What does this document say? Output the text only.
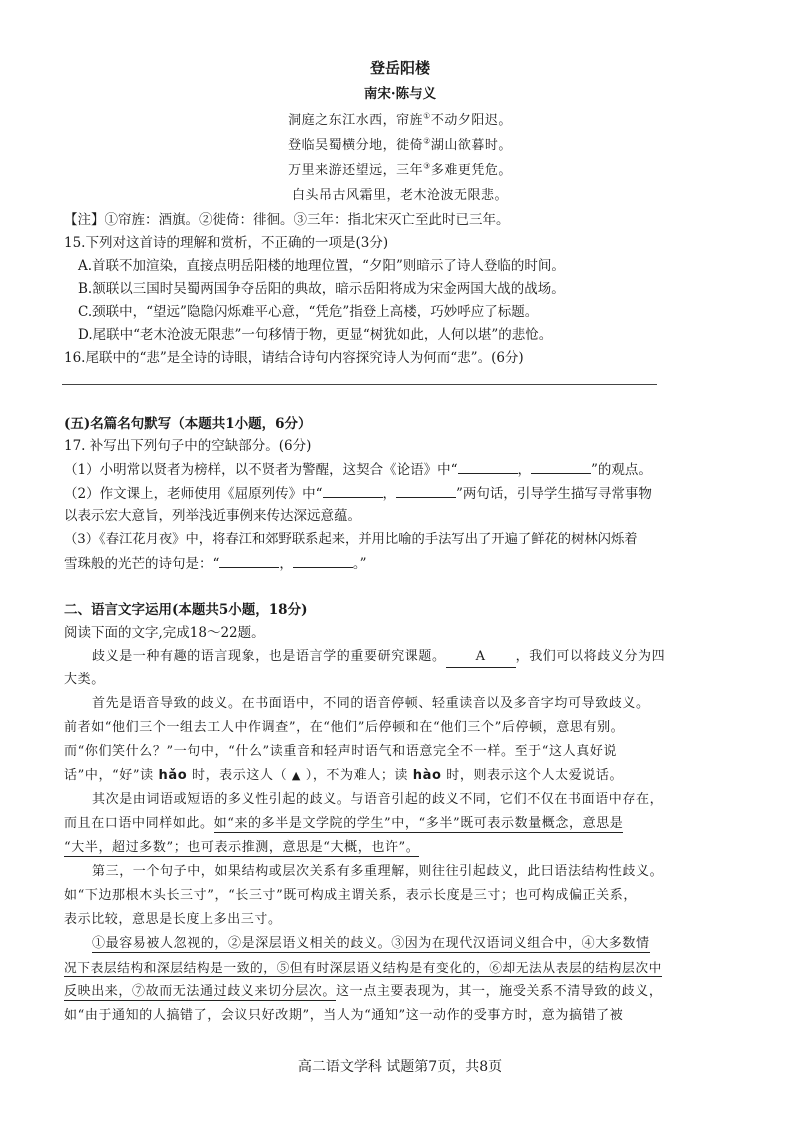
登岳阳楼
南宋·陈与义
洞庭之东江水西，帘旌①不动夕阳迟。
登临吴蜀横分地，徙倚②湖山欲暮时。
万里来游还望远，三年③多难更凭危。
白头吊古风霜里，老木沧波无限悲。
【注】①帘旌：酒旗。②徙倚：徘徊。③三年：指北宋灭亡至此时已三年。
15.下列对这首诗的理解和赏析，不正确的一项是(3分)
A.首联不加渲染，直接点明岳阳楼的地理位置，“夕阳”则暗示了诗人登临的时间。
B.颔联以三国时吴蜀两国争夺岳阳的典故，暗示岳阳将成为宋金两国大战的战场。
C.颈联中，“望远”隐隐闪烁难平心意，“凭危”指登上高楼，巧妙呼应了标题。
D.尾联中“老木沧波无限悲”一句移情于物，更显“树犹如此，人何以堪”的悲怆。
16.尾联中的“悲”是全诗的诗眼，请结合诗句内容探究诗人为何而“悲”。(6分)
(五)名篇名句默写（本题共1小题，6分）
17. 补写出下列句子中的空缺部分。(6分)
（1）小明常以贤者为榜样，以不贤者为警醒，这契合《论语》中“	，	”的观点。
（2）作文课上，老师使用《屈原列传》中“	，	”两句话，引导学生描写寻常事物
以表示宏大意旨，列举浅近事例来传达深远意蕴。
（3）《春江花月夜》中，将春江和郊野联系起来，并用比喻的手法写出了开遍了鲜花的树林闪烁着
雪珠般的光芒的诗句是：“	，	。”
二、语言文字运用(本题共5小题，18分)
阅读下面的文字,完成18～22题。
歧义是一种有趣的语言现象，也是语言学的重要研究课题。 A ，我们可以将歧义分为四
大类。
首先是语音导致的歧义。在书面语中，不同的语音停顿、轻重读音以及多音字均可导致歧义。
前者如“他们三个一组去工人中作调查”，在“他们”后停顿和在“他们三个”后停顿，意思有别。
而“你们笑什么？”一句中，“什么”读重音和轻声时语气和语意完全不一样。至于“这人真好说
话”中，“好”读 hǎo 时，表示这人（ ▲ ），不为难人；读 hào 时，则表示这个人太爱说话。
其次是由词语或短语的多义性引起的歧义。与语音引起的歧义不同，它们不仅在书面语中存在，
而且在口语中同样如此。如“来的多半是文学院的学生”中，“多半”既可表示数量概念，意思是
“大半，超过多数”；也可表示推测，意思是“大概，也许”。
第三，一个句子中，如果结构或层次关系有多重理解，则往往引起歧义，此曰语法结构性歧义。
如“下边那根木头长三寸”，“长三寸”既可构成主谓关系，表示长度是三寸；也可构成偏正关系，
表示比较，意思是长度上多出三寸。
①最容易被人忽视的，②是深层语义相关的歧义。③因为在现代汉语词义组合中，④大多数情
况下表层结构和深层结构是一致的，⑤但有时深层语义结构是有变化的，⑥却无法从表层的结构层次中
反映出来，⑦故而无法通过歧义来切分层次。这一点主要表现为，其一，施受关系不清导致的歧义，
如“由于通知的人搞错了，会议只好改期”，当人为“通知”这一动作的受事方时，意为搞错了被
高二语文学科 试题第7页，共8页
